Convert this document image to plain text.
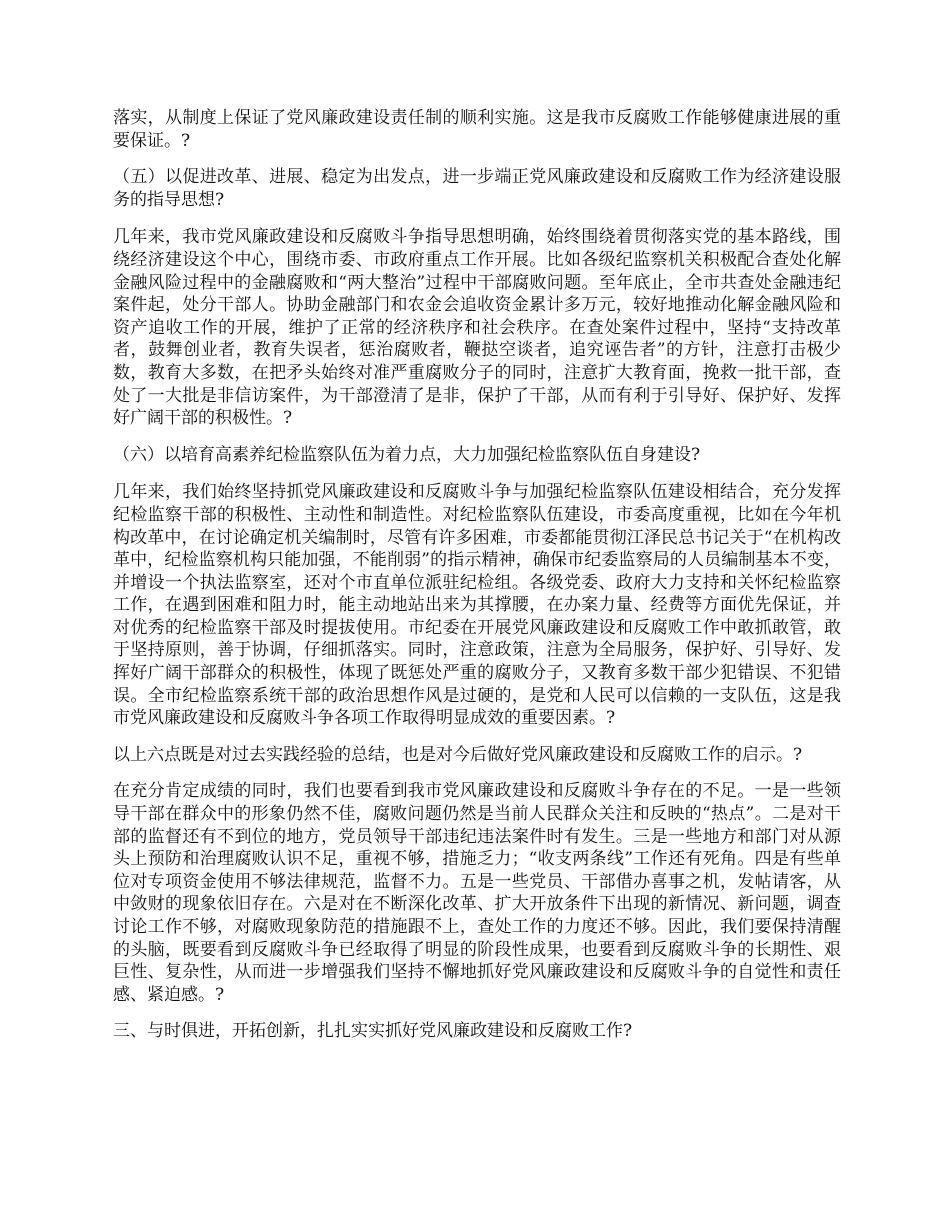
落实，从制度上保证了党风廉政建设责任制的顺利实施。这是我市反腐败工作能够健康进展的重要保证。?

（五）以促进改革、进展、稳定为出发点，进一步端正党风廉政建设和反腐败工作为经济建设服务的指导思想?

几年来，我市党风廉政建设和反腐败斗争指导思想明确，始终围绕着贯彻落实党的基本路线，围绕经济建设这个中心，围绕市委、市政府重点工作开展。比如各级纪监察机关积极配合查处化解金融风险过程中的金融腐败和“两大整治”过程中干部腐败问题。至年底止，全市共查处金融违纪案件起，处分干部人。协助金融部门和农金会追收资金累计多万元，较好地推动化解金融风险和资产追收工作的开展，维护了正常的经济秩序和社会秩序。在查处案件过程中，坚持“支持改革者，鼓舞创业者，教育失误者，惩治腐败者，鞭挞空谈者，追究诬告者”的方针，注意打击极少数，教育大多数，在把矛头始终对准严重腐败分子的同时，注意扩大教育面，挽救一批干部，查处了一大批是非信访案件，为干部澄清了是非，保护了干部，从而有利于引导好、保护好、发挥好广阔干部的积极性。?

（六）以培育高素养纪检监察队伍为着力点，大力加强纪检监察队伍自身建设?

几年来，我们始终坚持抓党风廉政建设和反腐败斗争与加强纪检监察队伍建设相结合，充分发挥纪检监察干部的积极性、主动性和制造性。对纪检监察队伍建设，市委高度重视，比如在今年机构改革中，在讨论确定机关编制时，尽管有许多困难，市委都能贯彻江泽民总书记关于“在机构改革中，纪检监察机构只能加强，不能削弱”的指示精神，确保市纪委监察局的人员编制基本不变，并增设一个执法监察室，还对个市直单位派驻纪检组。各级党委、政府大力支持和关怀纪检监察工作，在遇到困难和阻力时，能主动地站出来为其撑腰，在办案力量、经费等方面优先保证，并对优秀的纪检监察干部及时提拔使用。市纪委在开展党风廉政建设和反腐败工作中敢抓敢管，敢于坚持原则，善于协调，仔细抓落实。同时，注意政策，注意为全局服务，保护好、引导好、发挥好广阔干部群众的积极性，体现了既惩处严重的腐败分子，又教育多数干部少犯错误、不犯错误。全市纪检监察系统干部的政治思想作风是过硬的，是党和人民可以信赖的一支队伍，这是我市党风廉政建设和反腐败斗争各项工作取得明显成效的重要因素。?

以上六点既是对过去实践经验的总结，也是对今后做好党风廉政建设和反腐败工作的启示。?

在充分肯定成绩的同时，我们也要看到我市党风廉政建设和反腐败斗争存在的不足。一是一些领导干部在群众中的形象仍然不佳，腐败问题仍然是当前人民群众关注和反映的“热点”。二是对干部的监督还有不到位的地方，党员领导干部违纪违法案件时有发生。三是一些地方和部门对从源头上预防和治理腐败认识不足，重视不够，措施乏力；“收支两条线”工作还有死角。四是有些单位对专项资金使用不够法律规范，监督不力。五是一些党员、干部借办喜事之机，发帖请客，从中敛财的现象依旧存在。六是对在不断深化改革、扩大开放条件下出现的新情况、新问题，调查讨论工作不够，对腐败现象防范的措施跟不上，查处工作的力度还不够。因此，我们要保持清醒的头脑，既要看到反腐败斗争已经取得了明显的阶段性成果，也要看到反腐败斗争的长期性、艰巨性、复杂性，从而进一步增强我们坚持不懈地抓好党风廉政建设和反腐败斗争的自觉性和责任感、紧迫感。?

三、与时俱进，开拓创新，扎扎实实抓好党风廉政建设和反腐败工作?
